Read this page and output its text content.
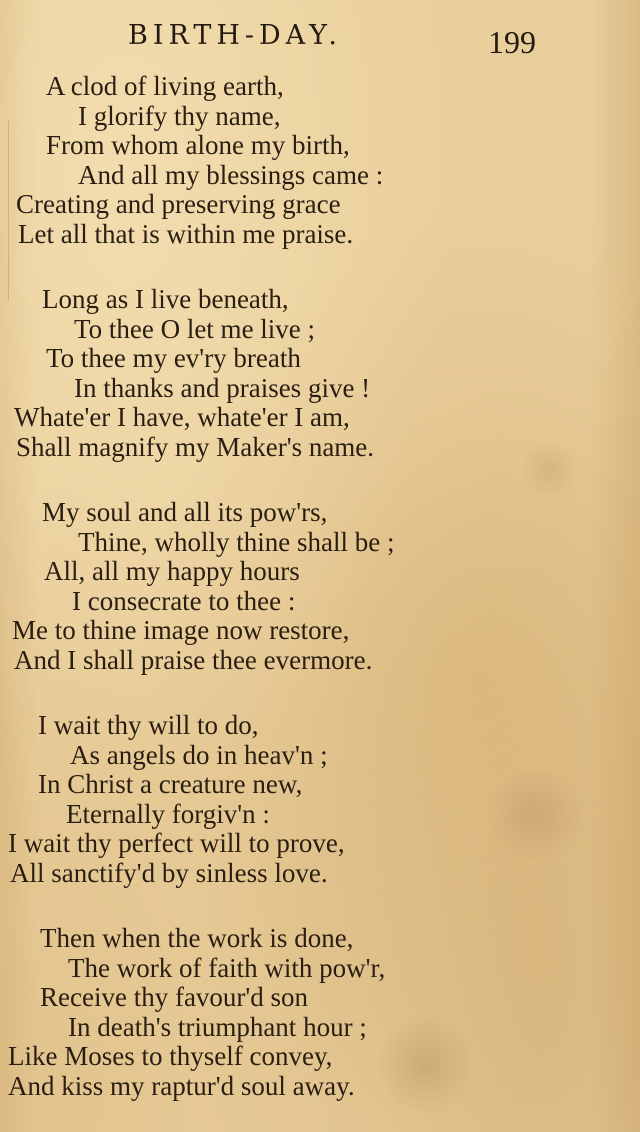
BIRTH-DAY.	199
A clod of living earth,
I glorify thy name,
From whom alone my birth,
And all my blessings came :
Creating and preserving grace
Let all that is within me praise.
Long as I live beneath,
To thee O let me live ;
To thee my ev'ry breath
In thanks and praises give !
Whate'er I have, whate'er I am,
Shall magnify my Maker's name.
My soul and all its pow'rs,
Thine, wholly thine shall be ;
All, all my happy hours
I consecrate to thee :
Me to thine image now restore,
And I shall praise thee evermore.
I wait thy will to do,
As angels do in heav'n ;
In Christ a creature new,
Eternally forgiv'n :
I wait thy perfect will to prove,
All sanctify'd by sinless love.
Then when the work is done,
The work of faith with pow'r,
Receive thy favour'd son
In death's triumphant hour ;
Like Moses to thyself convey,
And kiss my raptur'd soul away.
